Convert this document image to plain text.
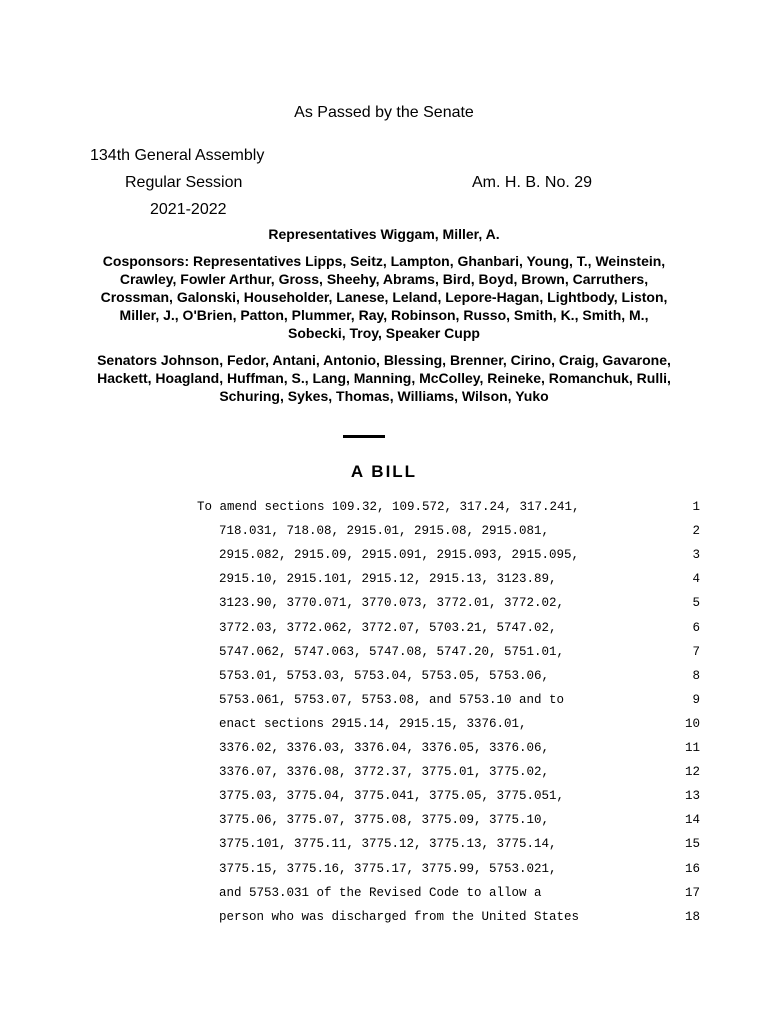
As Passed by the Senate
134th General Assembly
Regular Session	Am. H. B. No. 29
2021-2022
Representatives Wiggam, Miller, A.
Cosponsors: Representatives Lipps, Seitz, Lampton, Ghanbari, Young, T., Weinstein, Crawley, Fowler Arthur, Gross, Sheehy, Abrams, Bird, Boyd, Brown, Carruthers, Crossman, Galonski, Householder, Lanese, Leland, Lepore-Hagan, Lightbody, Liston, Miller, J., O'Brien, Patton, Plummer, Ray, Robinson, Russo, Smith, K., Smith, M., Sobecki, Troy, Speaker Cupp
Senators Johnson, Fedor, Antani, Antonio, Blessing, Brenner, Cirino, Craig, Gavarone, Hackett, Hoagland, Huffman, S., Lang, Manning, McColley, Reineke, Romanchuk, Rulli, Schuring, Sykes, Thomas, Williams, Wilson, Yuko
A BILL
To amend sections 109.32, 109.572, 317.24, 317.241,	1
718.031, 718.08, 2915.01, 2915.08, 2915.081,	2
2915.082, 2915.09, 2915.091, 2915.093, 2915.095,	3
2915.10, 2915.101, 2915.12, 2915.13, 3123.89,	4
3123.90, 3770.071, 3770.073, 3772.01, 3772.02,	5
3772.03, 3772.062, 3772.07, 5703.21, 5747.02,	6
5747.062, 5747.063, 5747.08, 5747.20, 5751.01,	7
5753.01, 5753.03, 5753.04, 5753.05, 5753.06,	8
5753.061, 5753.07, 5753.08, and 5753.10 and to	9
enact sections 2915.14, 2915.15, 3376.01,	10
3376.02, 3376.03, 3376.04, 3376.05, 3376.06,	11
3376.07, 3376.08, 3772.37, 3775.01, 3775.02,	12
3775.03, 3775.04, 3775.041, 3775.05, 3775.051,	13
3775.06, 3775.07, 3775.08, 3775.09, 3775.10,	14
3775.101, 3775.11, 3775.12, 3775.13, 3775.14,	15
3775.15, 3775.16, 3775.17, 3775.99, 5753.021,	16
and 5753.031 of the Revised Code to allow a	17
person who was discharged from the United States	18
